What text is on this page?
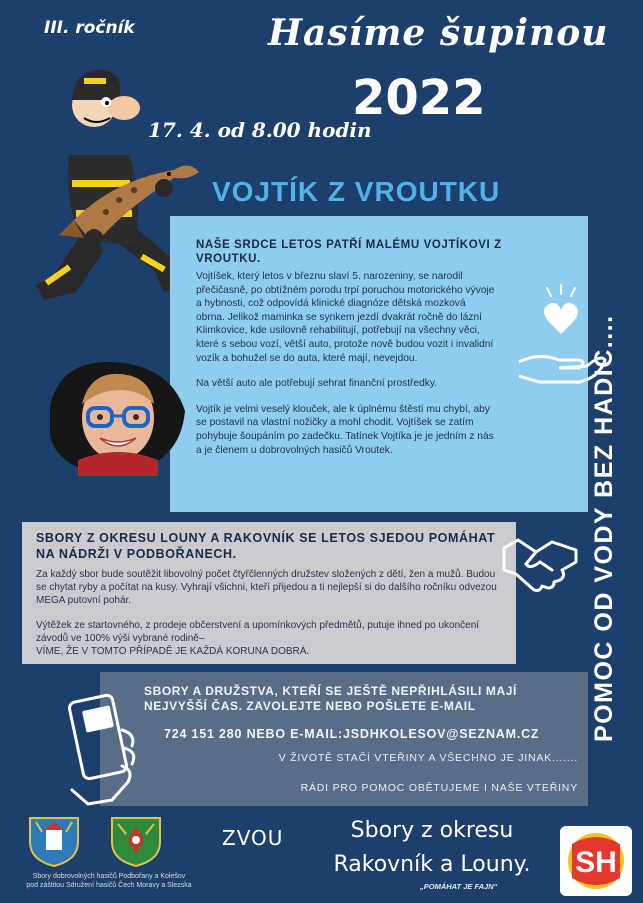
III. ročník	Hasíme šupinou
2022
17. 4. od 8.00 hodin
VOJTÍK Z VROUTKU
POMOC OD VODY BEZ HADIC....
NAŠE SRDCE LETOS PATŘÍ MALÉMU VOJTÍKOVI Z VROUTKU.

Vojtíšek, který letos v březnu slaví 5. narozeniny, se narodil přečičasně, po obtížném porodu trpí poruchou motorického vývoje a hybnosti, což odpovídá klinické diagnóze dětská mozková obrna. Jelikož maminka se synkem jezdí dvakrát ročně do lázní Klimkovice, kde usilovně rehabilitují, potřebují na všechny věci, které s sebou vozí, větší auto, protože nově budou vozit i invalidní vozík a bohužel se do auta, které mají, nevejdou.

Na větší auto ale potřebují sehrat finanční prostředky.

Vojtík je velmi veselý klouček, ale k úplnému štěstí mu chybí, aby se postavil na vlastní nožičky a mohl chodit. Vojtíšek se zatím pohybuje šoupáním po zadečku. Tatínek Vojtíka je je jedním z nás a je členem u dobrovolných hasičů Vroutek.

SBORY Z OKRESU LOUNY A RAKOVNÍK SE LETOS SJEDOU POMÁHAT NA NÁDRŽI V PODBOŘANECH.

Za každý sbor bude soutěžit libovolný počet čtyřčlenných družstev složených z dětí, žen a mužů. Budou se chytat ryby a počítat na kusy. Vyhrají všichni, kteří přijedou a ti nejlepší si do dalšího ročníku odvezou MEGA putovní pohár.

Výtěžek ze startovného, z prodeje občerstvení a upomínkových předmětů, putuje ihned po ukončení závodů ve 100% výši vybrané rodině–

VÍME, ŽE V TOMTO PŘÍPADĚ JE KAŽDÁ KORUNA DOBRÁ.

SBORY A DRUŽSTVA, KTEŘÍ SE JEŠTĚ NEPŘIHLÁSILI MAJÍ NEJVYŠŠÍ ČAS. ZAVOLEJTE NEBO POŠLETE E-MAIL
724 151 280 NEBO E-MAIL:JSDHKOLESOV@SEZNAM.CZ
V ŽIVOTĚ STAČÍ VTEŘINY A VŠECHNO JE JINAK.......
RÁDI PRO POMOC OBĚTUJEME I NAŠE VTEŘINY
Sbory dobrovolných hasičů Podbořany a Kolešov
pod záštitou Sdružení hasičů Čech Moravy a Slezska
ZVOU	Sbory z okresu
Rakovník a Louny.
„POMÁHAT JE FAJN“
SH
